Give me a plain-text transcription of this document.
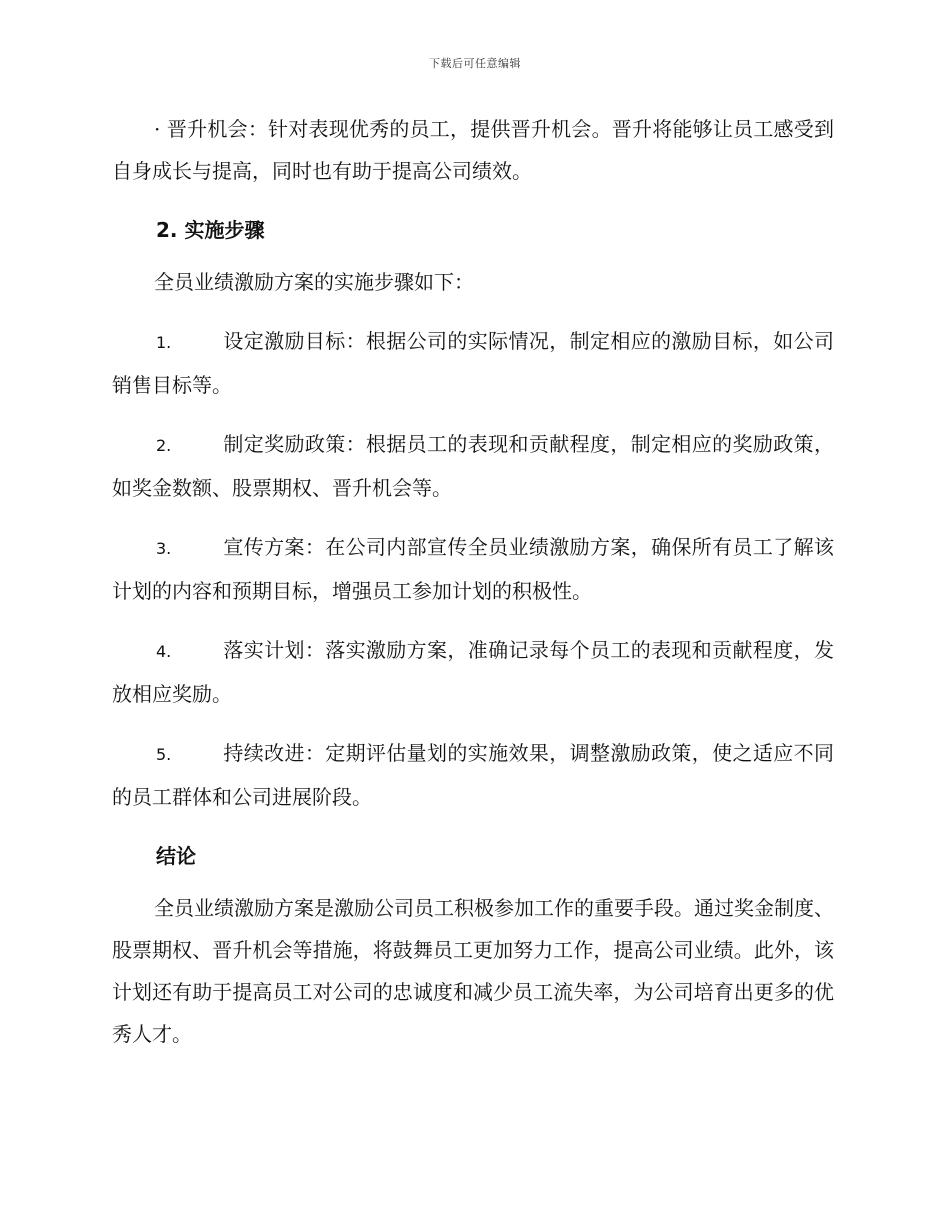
下载后可任意编辑

· 晋升机会：针对表现优秀的员工，提供晋升机会。晋升将能够让员工感受到自身成长与提高，同时也有助于提高公司绩效。

2. 实施步骤

全员业绩激励方案的实施步骤如下：

1.	设定激励目标：根据公司的实际情况，制定相应的激励目标，如公司销售目标等。

2.	制定奖励政策：根据员工的表现和贡献程度，制定相应的奖励政策，如奖金数额、股票期权、晋升机会等。

3.	宣传方案：在公司内部宣传全员业绩激励方案，确保所有员工了解该计划的内容和预期目标，增强员工参加计划的积极性。

4.	落实计划：落实激励方案，准确记录每个员工的表现和贡献程度，发放相应奖励。

5.	持续改进：定期评估量划的实施效果，调整激励政策，使之适应不同的员工群体和公司进展阶段。

结论

全员业绩激励方案是激励公司员工积极参加工作的重要手段。通过奖金制度、股票期权、晋升机会等措施，将鼓舞员工更加努力工作，提高公司业绩。此外，该计划还有助于提高员工对公司的忠诚度和减少员工流失率，为公司培育出更多的优秀人才。
